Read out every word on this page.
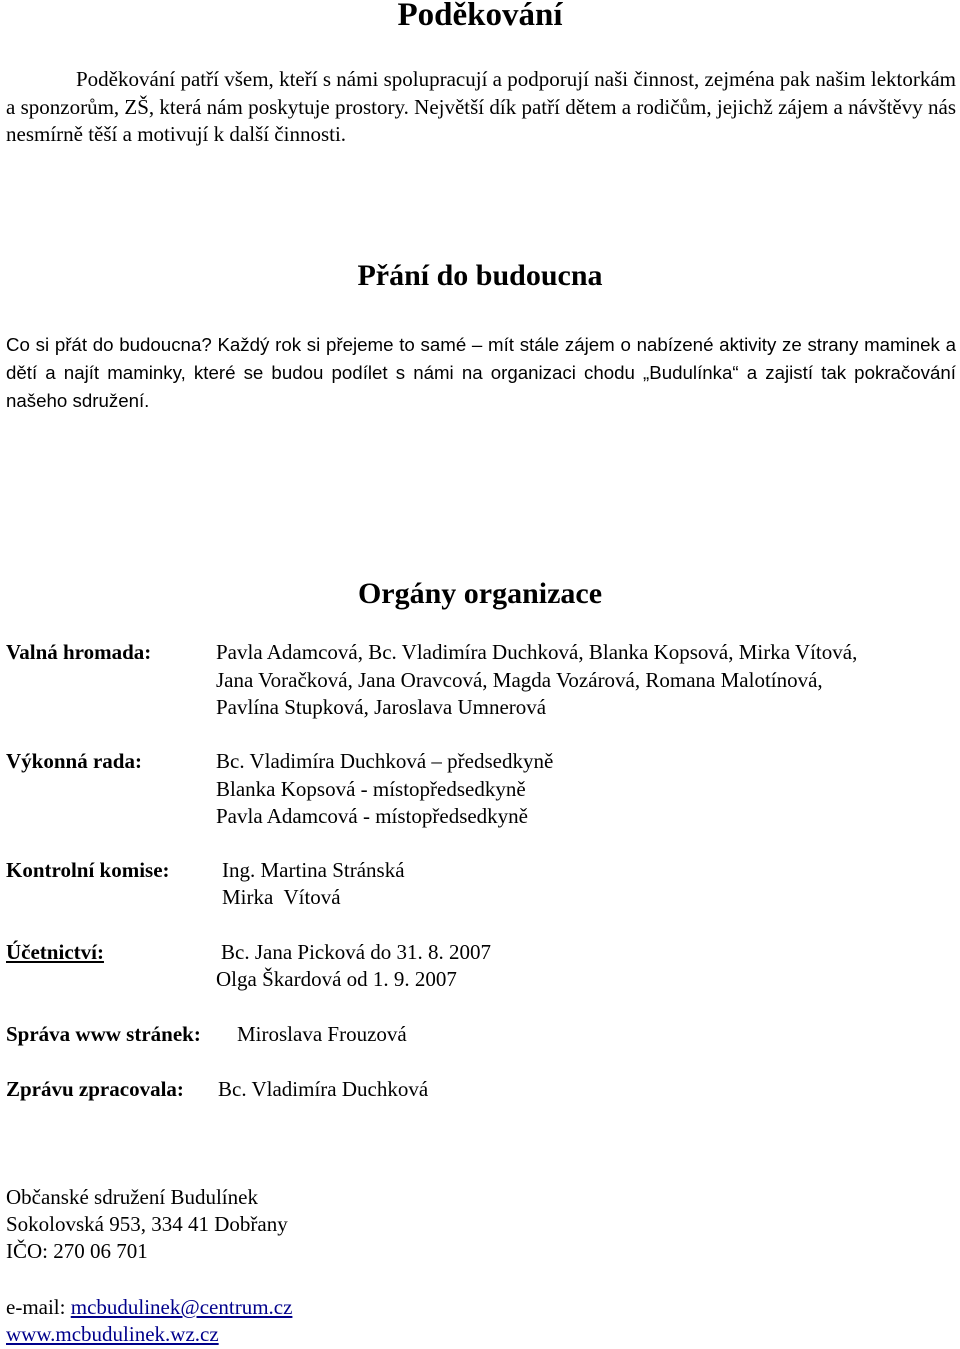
Poděkování

Poděkování patří všem, kteří s námi spolupracují a podporují naši činnost, zejména pak našim lektorkám a sponzorům, ZŠ, která nám poskytuje prostory. Největší dík patří dětem a rodičům, jejichž zájem a návštěvy nás nesmírně těší a motivují k další činnosti.

Přání do budoucna

Co si přát do budoucna? Každý rok si přejeme to samé – mít stále zájem o nabízené aktivity ze strany maminek a dětí a najít maminky, které se budou podílet s námi na organizaci chodu „Budulínka“ a zajistí tak pokračování našeho sdružení.

Orgány organizace
Valná hromada:	Pavla Adamcová, Bc. Vladimíra Duchková, Blanka Kopsová, Mirka Vítová,
Jana Voračková, Jana Oravcová, Magda Vozárová, Romana Malotínová,
Pavlína Stupková, Jaroslava Umnerová
Výkonná rada:	Bc. Vladimíra Duchková – předsedkyně
Blanka Kopsová - místopředsedkyně
Pavla Adamcová - místopředsedkyně
Kontrolní komise: Ing. Martina Stránská
Mirka  Vítová
Účetnictví:	Bc. Jana Picková do 31. 8. 2007
Olga Škardová od 1. 9. 2007
Správa www stránek: Miroslava Frouzová
Zprávu zpracovala: Bc. Vladimíra Duchková
Občanské sdružení Budulínek
Sokolovská 953, 334 41 Dobřany
IČO: 270 06 701
e-mail: mcbudulinek@centrum.cz
www.mcbudulinek.wz.cz
